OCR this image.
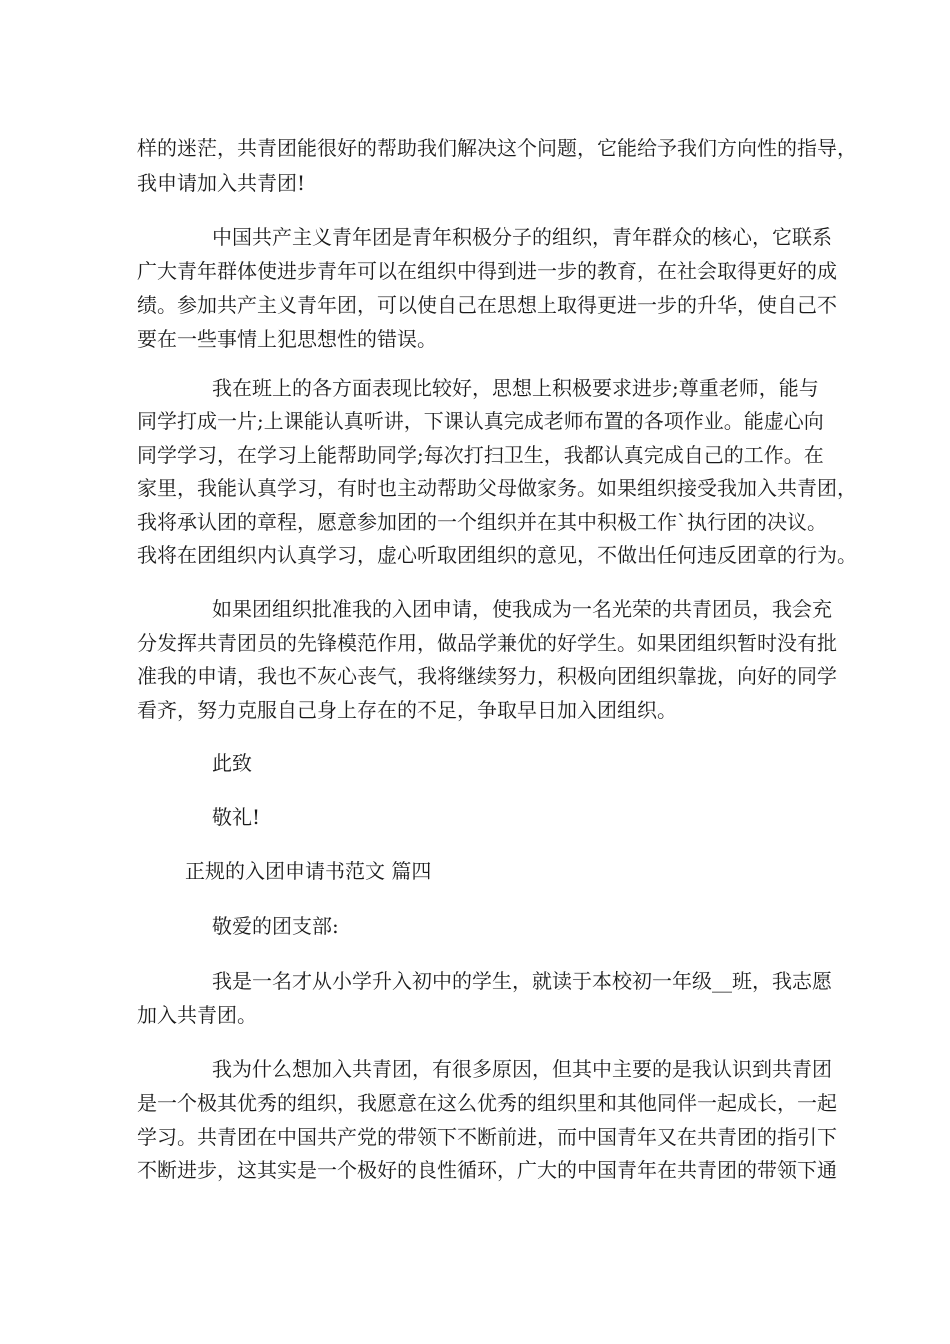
样的迷茫，共青团能很好的帮助我们解决这个问题，它能给予我们方向性的指导，
我申请加入共青团!
中国共产主义青年团是青年积极分子的组织，青年群众的核心，它联系
广大青年群体使进步青年可以在组织中得到进一步的教育，在社会取得更好的成
绩。参加共产主义青年团，可以使自己在思想上取得更进一步的升华，使自己不
要在一些事情上犯思想性的错误。
我在班上的各方面表现比较好，思想上积极要求进步;尊重老师，能与
同学打成一片;上课能认真听讲，下课认真完成老师布置的各项作业。能虚心向
同学学习，在学习上能帮助同学;每次打扫卫生，我都认真完成自己的工作。在
家里，我能认真学习，有时也主动帮助父母做家务。如果组织接受我加入共青团，
我将承认团的章程，愿意参加团的一个组织并在其中积极工作`执行团的决议。
我将在团组织内认真学习，虚心听取团组织的意见，不做出任何违反团章的行为。
如果团组织批准我的入团申请，使我成为一名光荣的共青团员，我会充
分发挥共青团员的先锋模范作用，做品学兼优的好学生。如果团组织暂时没有批
准我的申请，我也不灰心丧气，我将继续努力，积极向团组织靠拢，向好的同学
看齐，努力克服自己身上存在的不足，争取早日加入团组织。
此致
敬礼!
正规的入团申请书范文 篇四
敬爱的团支部:
我是一名才从小学升入初中的学生，就读于本校初一年级__班，我志愿
加入共青团。
我为什么想加入共青团，有很多原因，但其中主要的是我认识到共青团
是一个极其优秀的组织，我愿意在这么优秀的组织里和其他同伴一起成长，一起
学习。共青团在中国共产党的带领下不断前进，而中国青年又在共青团的指引下
不断进步，这其实是一个极好的良性循环，广大的中国青年在共青团的带领下通
